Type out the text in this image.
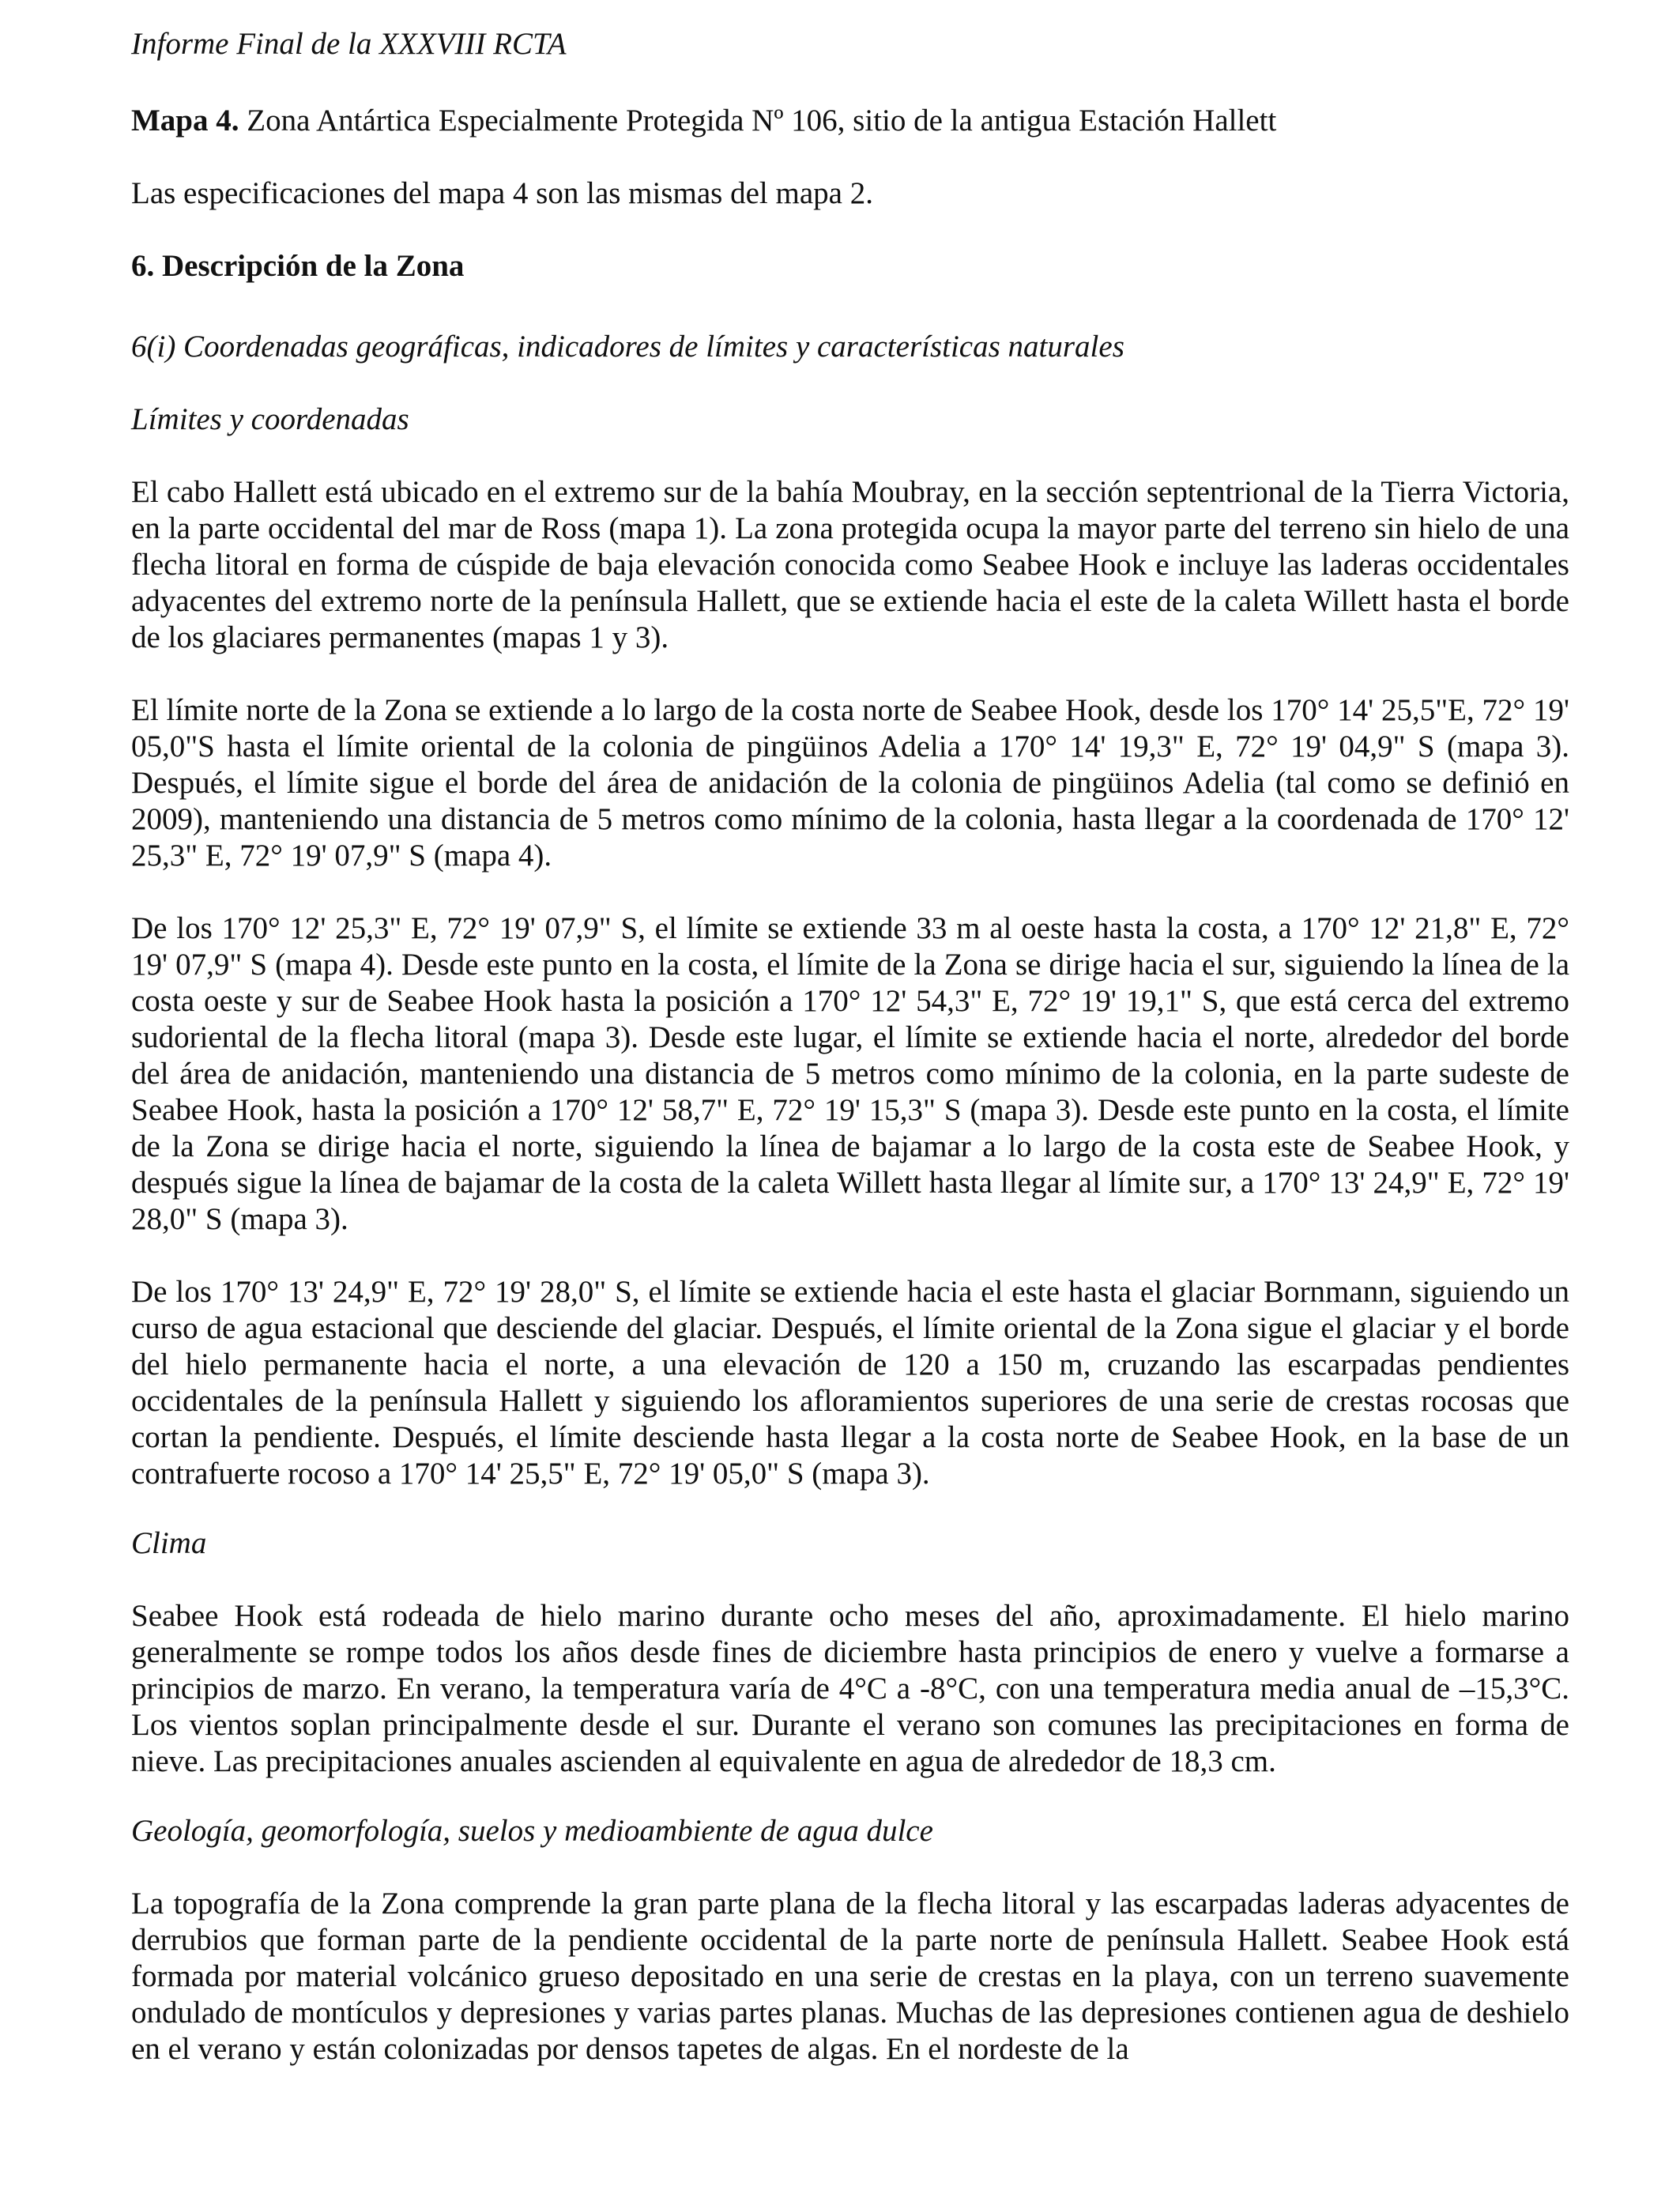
Informe Final de la XXXVIII RCTA
Mapa 4. Zona Antártica Especialmente Protegida Nº 106, sitio de la antigua Estación Hallett

Las especificaciones del mapa 4 son las mismas del mapa 2.

6. Descripción de la Zona
6(i) Coordenadas geográficas, indicadores de límites y características naturales
Límites y coordenadas

El cabo Hallett está ubicado en el extremo sur de la bahía Moubray, en la sección septentrional de la Tierra Victoria, en la parte occidental del mar de Ross (mapa 1). La zona protegida ocupa la mayor parte del terreno sin hielo de una flecha litoral en forma de cúspide de baja elevación conocida como Seabee Hook e incluye las laderas occidentales adyacentes del extremo norte de la península Hallett, que se extiende hacia el este de la caleta Willett hasta el borde de los glaciares permanentes (mapas 1 y 3).

El límite norte de la Zona se extiende a lo largo de la costa norte de Seabee Hook, desde los 170° 14' 25,5"E, 72° 19' 05,0"S hasta el límite oriental de la colonia de pingüinos Adelia a 170° 14' 19,3" E, 72° 19' 04,9" S (mapa 3). Después, el límite sigue el borde del área de anidación de la colonia de pingüinos Adelia (tal como se definió en 2009), manteniendo una distancia de 5 metros como mínimo de la colonia, hasta llegar a la coordenada de 170° 12' 25,3" E, 72° 19' 07,9" S (mapa 4).

De los 170° 12' 25,3" E, 72° 19' 07,9" S, el límite se extiende 33 m al oeste hasta la costa, a 170° 12' 21,8" E, 72° 19' 07,9" S (mapa 4). Desde este punto en la costa, el límite de la Zona se dirige hacia el sur, siguiendo la línea de la costa oeste y sur de Seabee Hook hasta la posición a 170° 12' 54,3" E, 72° 19' 19,1" S, que está cerca del extremo sudoriental de la flecha litoral (mapa 3). Desde este lugar, el límite se extiende hacia el norte, alrededor del borde del área de anidación, manteniendo una distancia de 5 metros como mínimo de la colonia, en la parte sudeste de Seabee Hook, hasta la posición a 170° 12' 58,7" E, 72° 19' 15,3" S (mapa 3). Desde este punto en la costa, el límite de la Zona se dirige hacia el norte, siguiendo la línea de bajamar a lo largo de la costa este de Seabee Hook, y después sigue la línea de bajamar de la costa de la caleta Willett hasta llegar al límite sur, a 170° 13' 24,9" E, 72° 19' 28,0" S (mapa 3).

De los 170° 13' 24,9" E, 72° 19' 28,0" S, el límite se extiende hacia el este hasta el glaciar Bornmann, siguiendo un curso de agua estacional que desciende del glaciar. Después, el límite oriental de la Zona sigue el glaciar y el borde del hielo permanente hacia el norte, a una elevación de 120 a 150 m, cruzando las escarpadas pendientes occidentales de la península Hallett y siguiendo los afloramientos superiores de una serie de crestas rocosas que cortan la pendiente. Después, el límite desciende hasta llegar a la costa norte de Seabee Hook, en la base de un contrafuerte rocoso a 170° 14' 25,5" E, 72° 19' 05,0" S (mapa 3).

Clima

Seabee Hook está rodeada de hielo marino durante ocho meses del año, aproximadamente. El hielo marino generalmente se rompe todos los años desde fines de diciembre hasta principios de enero y vuelve a formarse a principios de marzo. En verano, la temperatura varía de 4°C a -8°C, con una temperatura media anual de –15,3°C. Los vientos soplan principalmente desde el sur. Durante el verano son comunes las precipitaciones en forma de nieve. Las precipitaciones anuales ascienden al equivalente en agua de alrededor de 18,3 cm.

Geología, geomorfología, suelos y medioambiente de agua dulce

La topografía de la Zona comprende la gran parte plana de la flecha litoral y las escarpadas laderas adyacentes de derrubios que forman parte de la pendiente occidental de la parte norte de península Hallett. Seabee Hook está formada por material volcánico grueso depositado en una serie de crestas en la playa, con un terreno suavemente ondulado de montículos y depresiones y varias partes planas. Muchas de las depresiones contienen agua de deshielo en el verano y están colonizadas por densos tapetes de algas. En el nordeste de la
